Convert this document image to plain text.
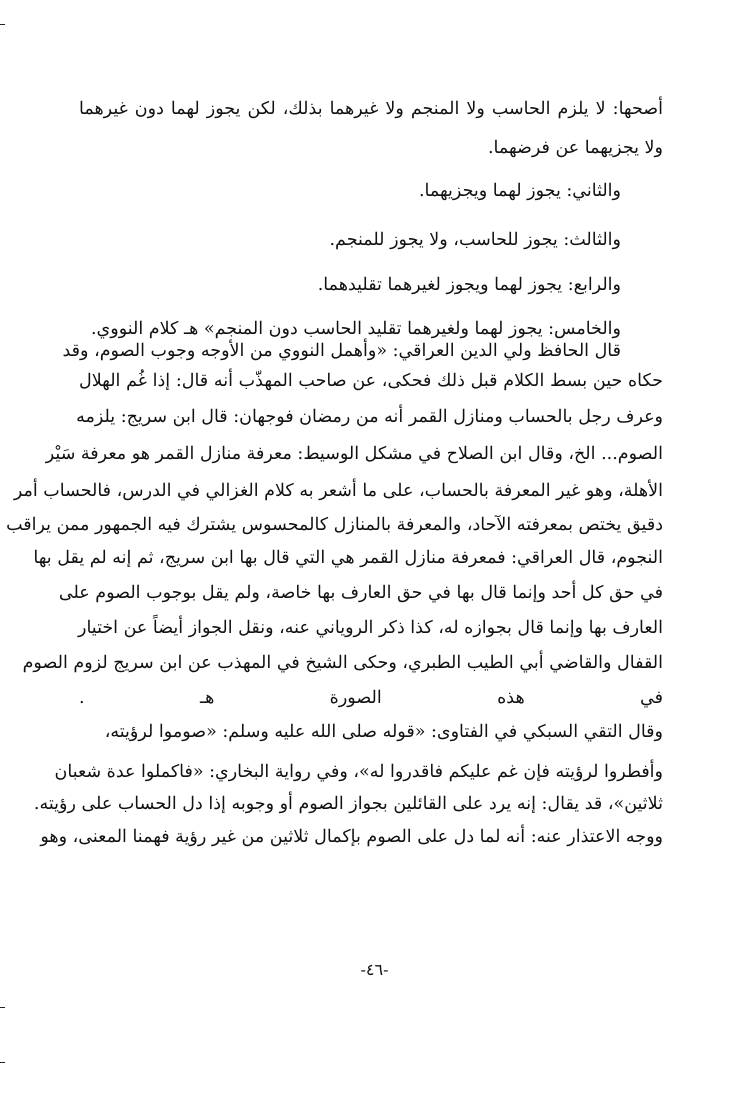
أصحها: لا يلزم الحاسب ولا المنجم ولا غيرهما بذلك، لكن يجوز لهما دون غيرهما
ولا يجزيهما عن فرضهما.
والثاني: يجوز لهما ويجزيهما.
والثالث: يجوز للحاسب، ولا يجوز للمنجم.
والرابع: يجوز لهما ويجوز لغيرهما تقليدهما.
والخامس: يجوز لهما ولغيرهما تقليد الحاسب دون المنجم» هـ كلام النووي.
قال الحافظ ولي الدين العراقي: «وأهمل النووي من الأوجه وجوب الصوم، وقد
حكاه حين بسط الكلام قبل ذلك فحكى، عن صاحب المهذّب أنه قال: إذا غُم الهلال
وعرف رجل بالحساب ومنازل القمر أنه من رمضان فوجهان: قال ابن سريج: يلزمه
الصوم... الخ، وقال ابن الصلاح في مشكل الوسيط: معرفة منازل القمر هو معرفة سَيْر
الأهلة، وهو غير المعرفة بالحساب، على ما أشعر به كلام الغزالي في الدرس، فالحساب أمر
دقيق يختص بمعرفته الآحاد، والمعرفة بالمنازل كالمحسوس يشترك فيه الجمهور ممن يراقب
النجوم، قال العراقي: فمعرفة منازل القمر هي التي قال بها ابن سريج، ثم إنه لم يقل بها
في حق كل أحد وإنما قال بها في حق العارف بها خاصة، ولم يقل بوجوب الصوم على
العارف بها وإنما قال بجوازه له، كذا ذكر الروياني عنه، ونقل الجواز أيضاً عن اختيار
القفال والقاضي أبي الطيب الطبري، وحكى الشيخ في المهذب عن ابن سريج لزوم الصوم
في هذه الصورة هـ .
وقال التقي السبكي في الفتاوى: «قوله صلى الله عليه وسلم: «صوموا لرؤيته،
وأفطروا لرؤيته فإن غم عليكم فاقدروا له»، وفي رواية البخاري: «فاكملوا عدة شعبان
ثلاثين»، قد يقال: إنه يرد على القائلين بجواز الصوم أو وجوبه إذا دل الحساب على رؤيته.
ووجه الاعتذار عنه: أنه لما دل على الصوم بإكمال ثلاثين من غير رؤية فهمنا المعنى، وهو
-٤٦-
